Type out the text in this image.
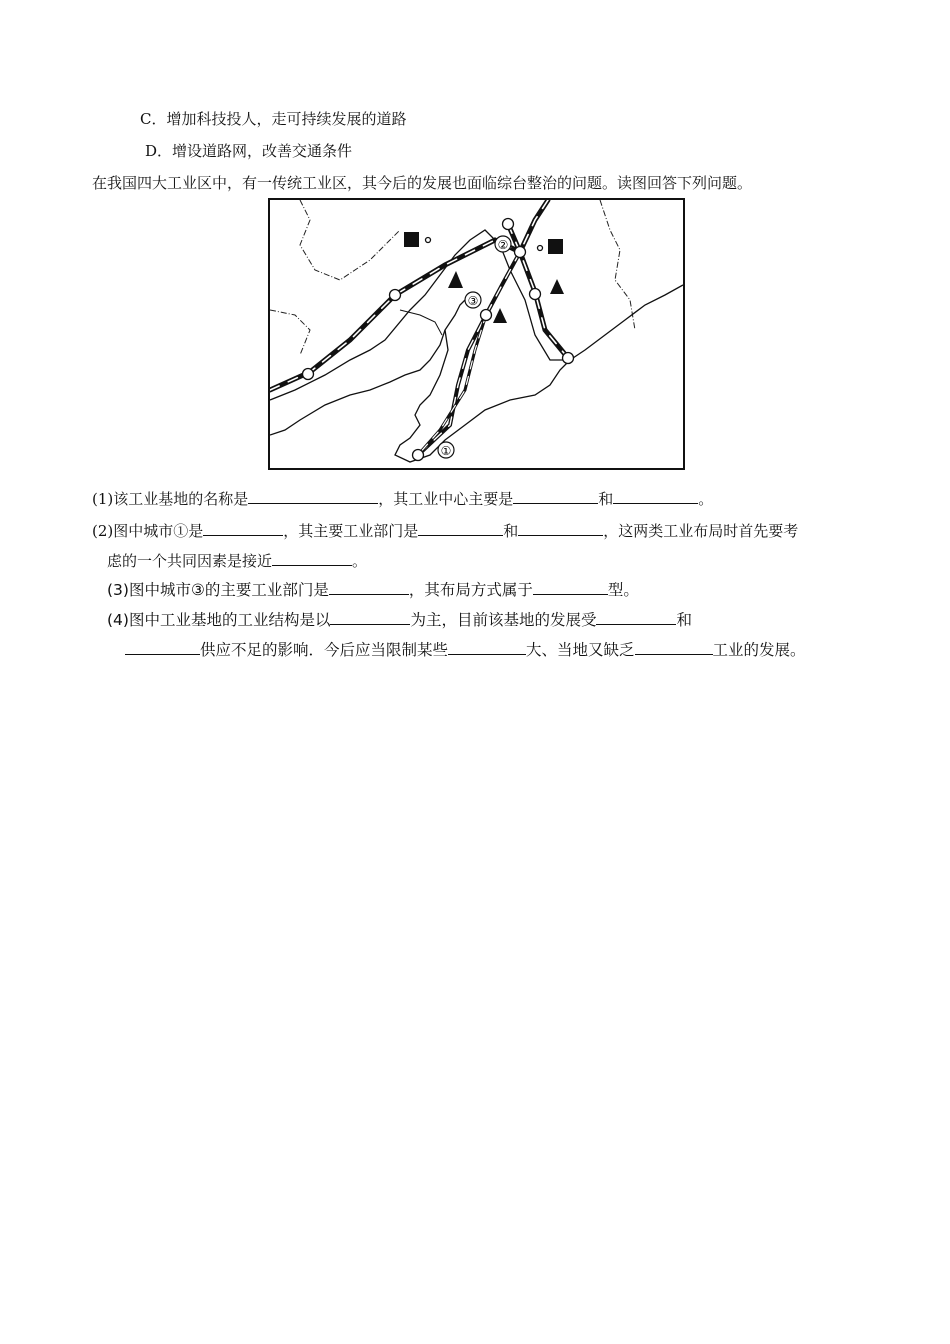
C．增加科技投人，走可持续发展的道路
D．增设道路网，改善交通条件
在我国四大工业区中，有一传统工业区，其今后的发展也面临综台整治的问题。读图回答下列问题。
②
③
①
(1)该工业基地的名称是	，其工业中心主要是	和	。
(2)图中城市①是	，其主要工业部门是	和	，这两类工业布局时首先要考
虑的一个共同因素是接近	。
(3)图中城市③的主要工业部门是	，其布局方式属于	型。
(4)图中工业基地的工业结构是以	为主，目前该基地的发展受	和
供应不足的影响．今后应当限制某些	大、当地又缺乏	工业的发展。
